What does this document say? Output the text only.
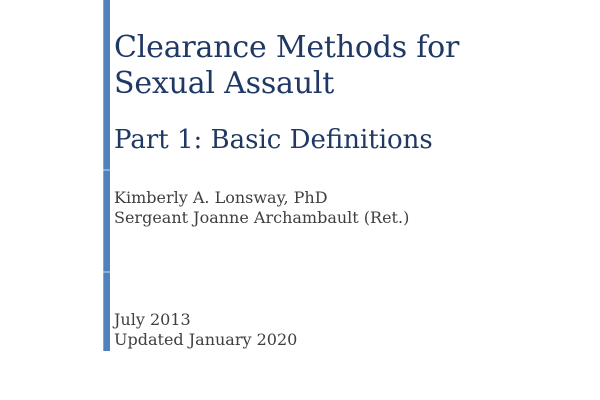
Clearance Methods for Sexual Assault
Part 1: Basic Definitions
Kimberly A. Lonsway, PhD
Sergeant Joanne Archambault (Ret.)
July 2013
Updated January 2020
